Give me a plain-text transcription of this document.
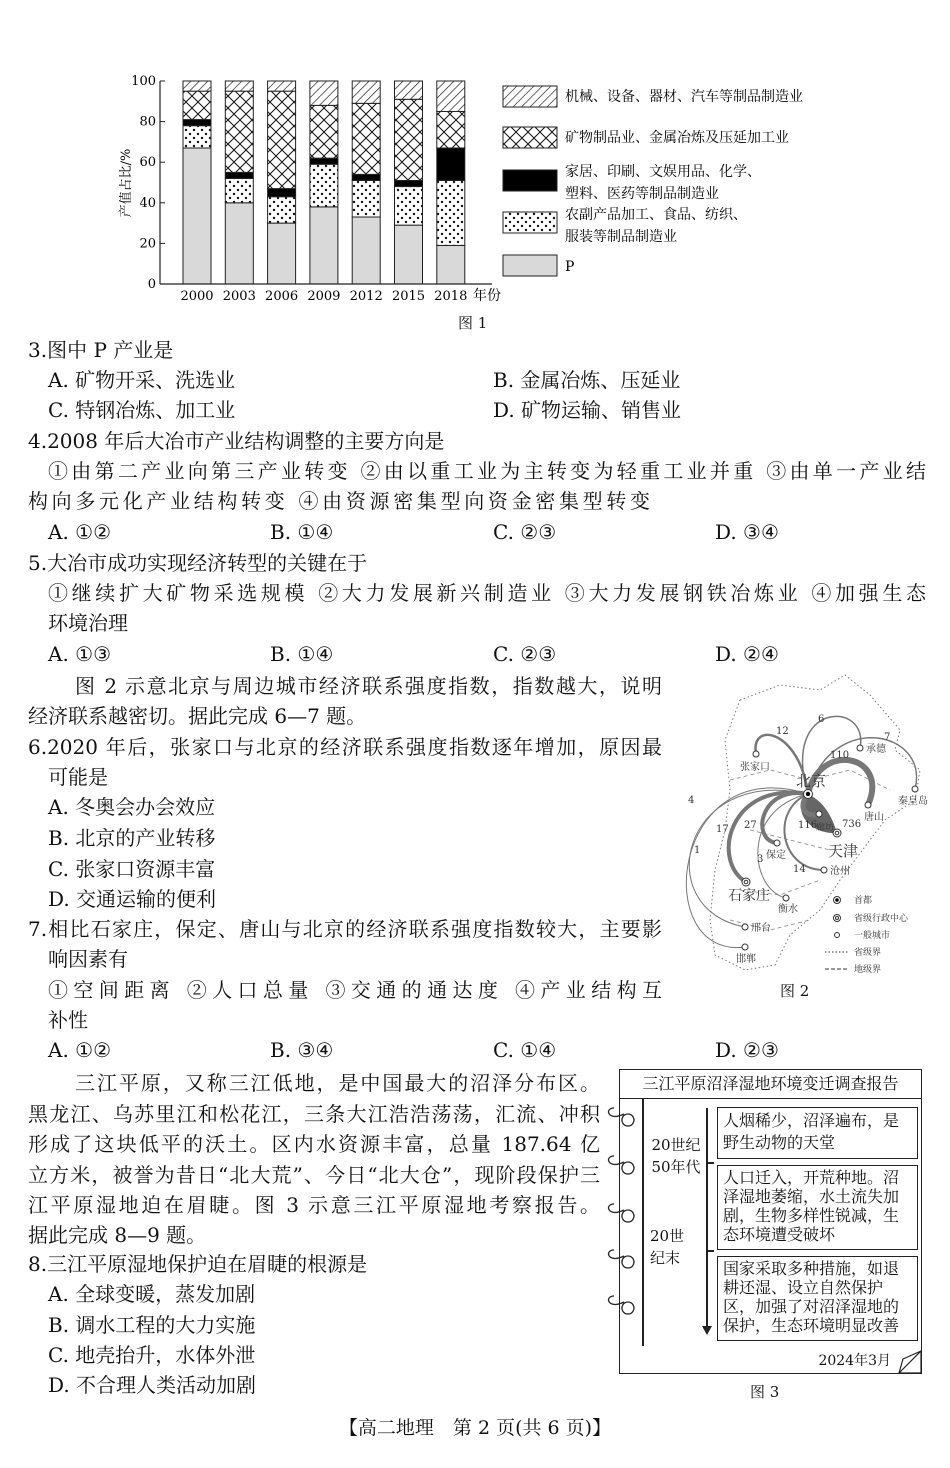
2000 2003 2006 2009 2012 2015 2018
0
20
40
60
80
100
年份
产值占比/%
机械、设备、器材、汽车等制品制造业
矿物制品业、金属冶炼及压延加工业
家居、印刷、文娱用品、化学、
塑料、医药等制品制造业
农副产品加工、食品、纺织、
服装等制品制造业
P
图 1
3.图中 P 产业是
A. 矿物开采、洗选业	B. 金属冶炼、压延业
C. 特钢冶炼、加工业	D. 矿物运输、销售业
4.2008 年后大冶市产业结构调整的主要方向是
①由第二产业向第三产业转变 ②由以重工业为主转变为轻重工业并重 ③由单一产业结
构向多元化产业结构转变 ④由资源密集型向资金密集型转变
A. ①②	B. ①④	C. ②③	D. ③④
5.大冶市成功实现经济转型的关键在于
①继续扩大矿物采选规模 ②大力发展新兴制造业 ③大力发展钢铁冶炼业 ④加强生态
环境治理
A. ①③	B. ①④	C. ②③	D. ②④
图 2 示意北京与周边城市经济联系强度指数，指数越大，说明
经济联系越密切。据此完成 6—7 题。
6.2020 年后，张家口与北京的经济联系强度指数逐年增加，原因最
可能是
A. 冬奥会办会效应
B. 北京的产业转移
C. 张家口资源丰富
D. 交通运输的便利
7.相比石家庄，保定、唐山与北京的经济联系强度指数较大，主要影
响因素有
①空间距离 ②人口总量 ③交通的通达度 ④产业结构互
补性
A. ①②	B. ③④	C. ①④	D. ②③
北京
天津
石家庄
张家口
承德
秦皇岛
唐山
廊坊
保定
沧州
衡水
邢台
邯郸
12
6
7
110
116 736
27
17
4
1
3
14
首都
省级行政中心
一般城市
省级界
地级界
图 2
三江平原，又称三江低地，是中国最大的沼泽分布区。
黑龙江、乌苏里江和松花江，三条大江浩浩荡荡，汇流、冲积
形成了这块低平的沃土。区内水资源丰富，总量 187.64 亿
立方米，被誉为昔日“北大荒”、今日“北大仓”，现阶段保护三
江平原湿地迫在眉睫。图 3 示意三江平原湿地考察报告。
据此完成 8—9 题。
8.三江平原湿地保护迫在眉睫的根源是
A. 全球变暖，蒸发加剧
B. 调水工程的大力实施
C. 地壳抬升，水体外泄
D. 不合理人类活动加剧
三江平原沼泽湿地环境变迁调查报告
20世纪50年代
20世纪末
人烟稀少，沼泽遍布，是野生动物的天堂
人口迁入，开荒种地。沼泽湿地萎缩，水土流失加剧，生物多样性锐减，生态环境遭受破坏
国家采取多种措施，如退耕还湿、设立自然保护区，加强了对沼泽湿地的保护，生态环境明显改善
2024年3月
图 3
【高二地理　第 2 页(共 6 页)】
